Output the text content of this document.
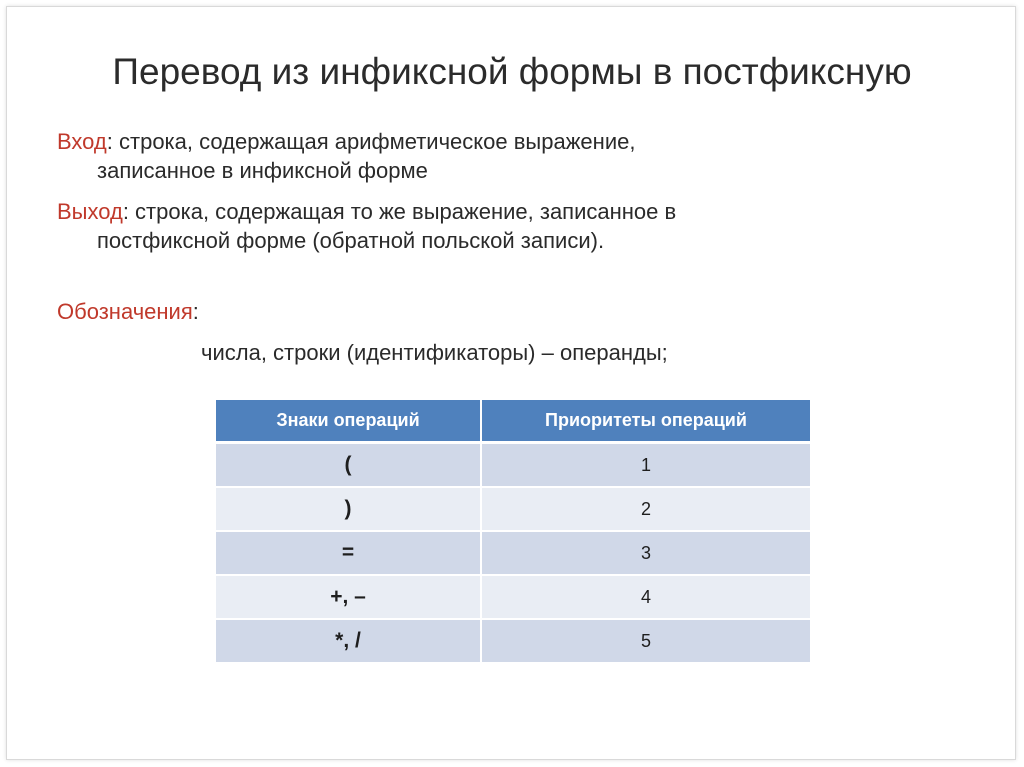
Перевод из инфиксной формы в постфиксную
Вход: строка, содержащая арифметическое выражение,
записанное в инфиксной форме
Выход: строка, содержащая то же выражение, записанное в
постфиксной форме (обратной польской записи).
Обозначения:
числа, строки (идентификаторы) – операнды;
Знаки операций	Приоритеты операций
(	1
)	2
=	3
+, –	4
*, /	5
